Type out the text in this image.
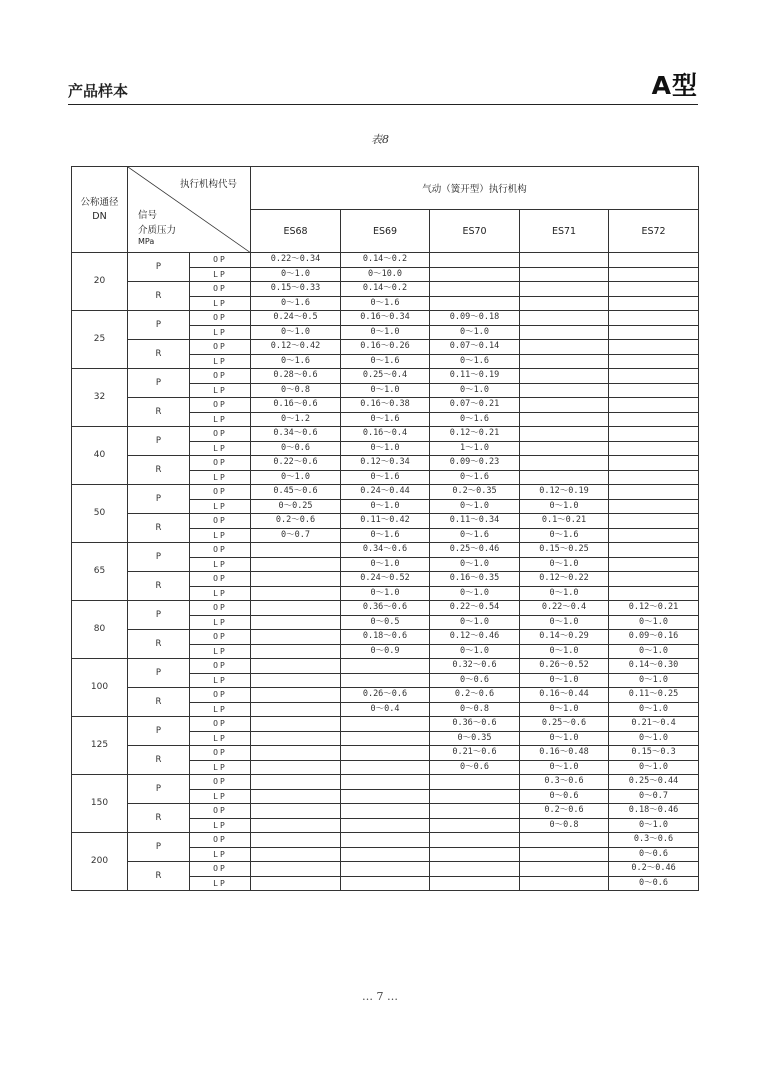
产品样本	A型
表8
公称通径
DN	执行机构代号
信号
介质压力
MPa		气动（簧开型）执行机构				
			ES68	ES69	ES70	ES71	ES72
20	P	OP	0.22～0.34	0.14～0.2			
		LP	0～1.0	0～10.0			
	R	OP	0.15～0.33	0.14～0.2			
		LP	0～1.6	0～1.6			
25	P	OP	0.24～0.5	0.16～0.34	0.09～0.18		
		LP	0～1.0	0～1.0	0～1.0		
	R	OP	0.12～0.42	0.16～0.26	0.07～0.14		
		LP	0～1.6	0～1.6	0～1.6		
32	P	OP	0.28～0.6	0.25～0.4	0.11～0.19		
		LP	0～0.8	0～1.0	0～1.0		
	R	OP	0.16～0.6	0.16～0.38	0.07～0.21		
		LP	0～1.2	0～1.6	0～1.6		
40	P	OP	0.34～0.6	0.16～0.4	0.12～0.21		
		LP	0～0.6	0～1.0	1～1.0		
	R	OP	0.22～0.6	0.12～0.34	0.09～0.23		
		LP	0～1.0	0～1.6	0～1.6		
50	P	OP	0.45～0.6	0.24～0.44	0.2～0.35	0.12～0.19	
		LP	0～0.25	0～1.0	0～1.0	0～1.0	
	R	OP	0.2～0.6	0.11～0.42	0.11～0.34	0.1～0.21	
		LP	0～0.7	0～1.6	0～1.6	0～1.6	
65	P	OP		0.34～0.6	0.25～0.46	0.15～0.25	
		LP		0～1.0	0～1.0	0～1.0	
	R	OP		0.24～0.52	0.16～0.35	0.12～0.22	
		LP		0～1.0	0～1.0	0～1.0	
80	P	OP		0.36～0.6	0.22～0.54	0.22～0.4	0.12～0.21
		LP		0～0.5	0～1.0	0～1.0	0～1.0
	R	OP		0.18～0.6	0.12～0.46	0.14～0.29	0.09～0.16
		LP		0～0.9	0～1.0	0～1.0	0～1.0
100	P	OP			0.32～0.6	0.26～0.52	0.14～0.30
		LP			0～0.6	0～1.0	0～1.0
	R	OP		0.26～0.6	0.2～0.6	0.16～0.44	0.11～0.25
		LP		0～0.4	0～0.8	0～1.0	0～1.0
125	P	OP			0.36～0.6	0.25～0.6	0.21～0.4
		LP			0～0.35	0～1.0	0～1.0
	R	OP			0.21～0.6	0.16～0.48	0.15～0.3
		LP			0～0.6	0～1.0	0～1.0
150	P	OP				0.3～0.6	0.25～0.44
		LP				0～0.6	0～0.7
	R	OP				0.2～0.6	0.18～0.46
		LP				0～0.8	0～1.0
200	P	OP					0.3～0.6
		LP					0～0.6
	R	OP					0.2～0.46
		LP					0～0.6
… 7 …
